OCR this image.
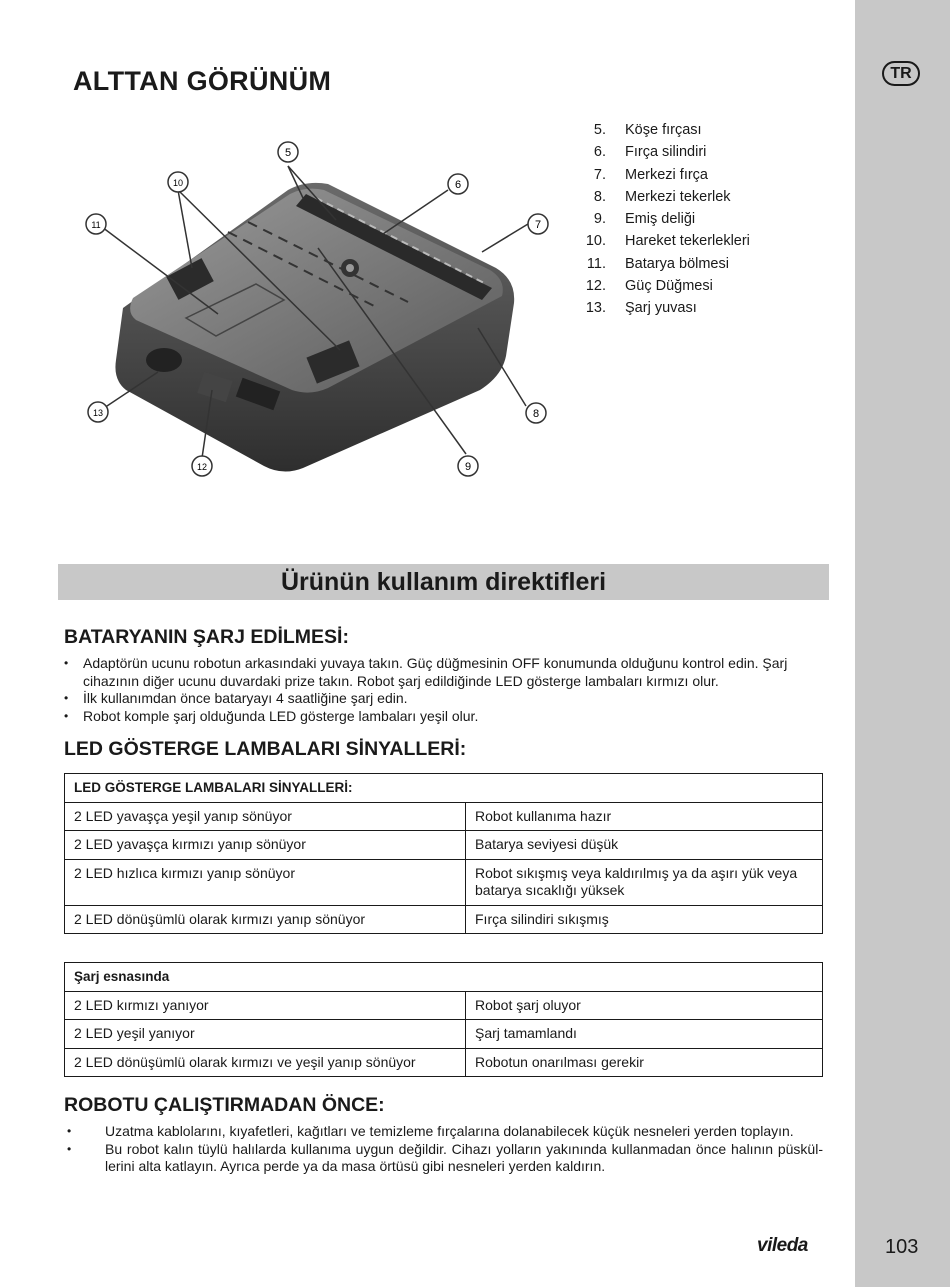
TR
103
ALTTAN GÖRÜNÜM
5
6
7
8
9
10
11
12
13
5. Köşe fırçası
6. Fırça silindiri
7. Merkezi fırça
8. Merkezi tekerlek
9. Emiş deliği
10. Hareket tekerlekleri
11. Batarya bölmesi
12. Güç Düğmesi
13. Şarj yuvası
Ürünün kullanım direktifleri
BATARYANIN ŞARJ EDİLMESİ:
• Adaptörün ucunu robotun arkasındaki yuvaya takın. Güç düğmesinin OFF konumunda olduğunu kontrol edin. Şarj cihazının diğer ucunu duvardaki prize takın. Robot şarj edildiğinde LED gösterge lambaları kırmızı olur.
• İlk kullanımdan önce bataryayı 4 saatliğine şarj edin.
• Robot komple şarj olduğunda LED gösterge lambaları yeşil olur.
LED GÖSTERGE LAMBALARI SİNYALLERİ:
LED GÖSTERGE LAMBALARI SİNYALLERİ:	
2 LED yavaşça yeşil yanıp sönüyor	Robot kullanıma hazır
2 LED yavaşça kırmızı yanıp sönüyor	Batarya seviyesi düşük
2 LED hızlıca kırmızı yanıp sönüyor	Robot sıkışmış veya kaldırılmış ya da aşırı yük veya batarya sıcaklığı yüksek
2 LED dönüşümlü olarak kırmızı yanıp sönüyor	Fırça silindiri sıkışmış
Şarj esnasında	
2 LED kırmızı yanıyor	Robot şarj oluyor
2 LED yeşil yanıyor	Şarj tamamlandı
2 LED dönüşümlü olarak kırmızı ve yeşil yanıp sönüyor	Robotun onarılması gerekir
ROBOTU ÇALIŞTIRMADAN ÖNCE:
• Uzatma kablolarını, kıyafetleri, kağıtları ve temizleme fırçalarına dolanabilecek küçük nesneleri yerden toplayın.
• Bu robot kalın tüylü halılarda kullanıma uygun değildir. Cihazı yolların yakınında kullanmadan önce halının püsküllerini alta katlayın. Ayrıca perde ya da masa örtüsü gibi nesneleri yerden kaldırın.
vileda
